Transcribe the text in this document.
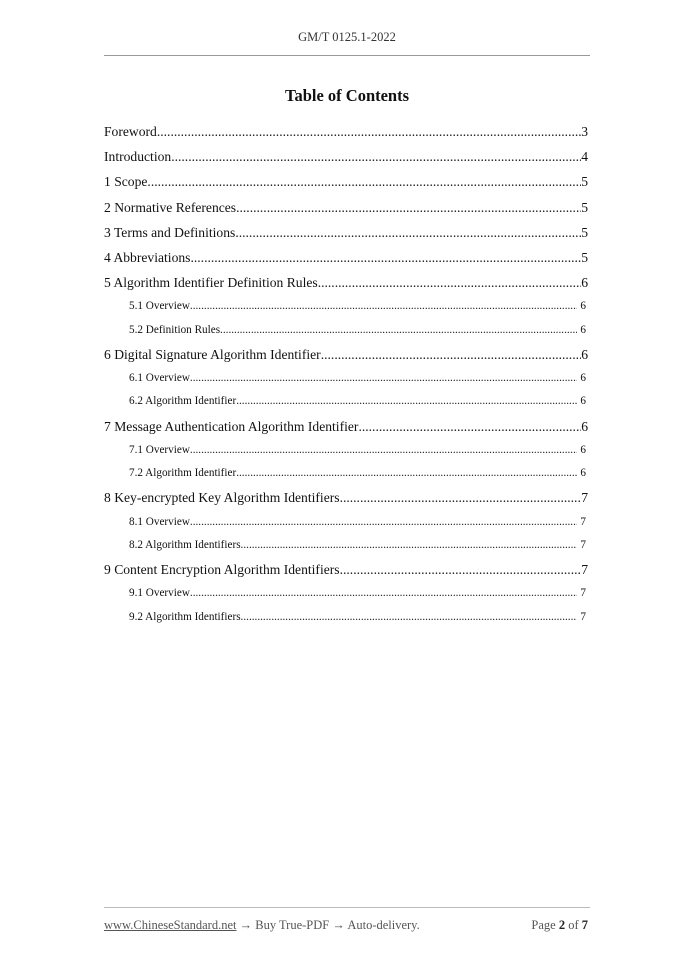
GM/T 0125.1-2022
Table of Contents
Foreword .....	3
Introduction .....	4
1 Scope .....	5
2 Normative References .....	5
3 Terms and Definitions .....	5
4 Abbreviations .....	5
5 Algorithm Identifier Definition Rules .....	6
5.1 Overview .....	6
5.2 Definition Rules .....	6
6 Digital Signature Algorithm Identifier .....	6
6.1 Overview .....	6
6.2 Algorithm Identifier .....	6
7 Message Authentication Algorithm Identifier .....	6
7.1 Overview .....	6
7.2 Algorithm Identifier .....	6
8 Key-encrypted Key Algorithm Identifiers .....	7
8.1 Overview .....	7
8.2 Algorithm Identifiers .....	7
9 Content Encryption Algorithm Identifiers .....	7
9.1 Overview .....	7
9.2 Algorithm Identifiers .....	7
www.ChineseStandard.net → Buy True-PDF → Auto-delivery.	Page 2 of 7
